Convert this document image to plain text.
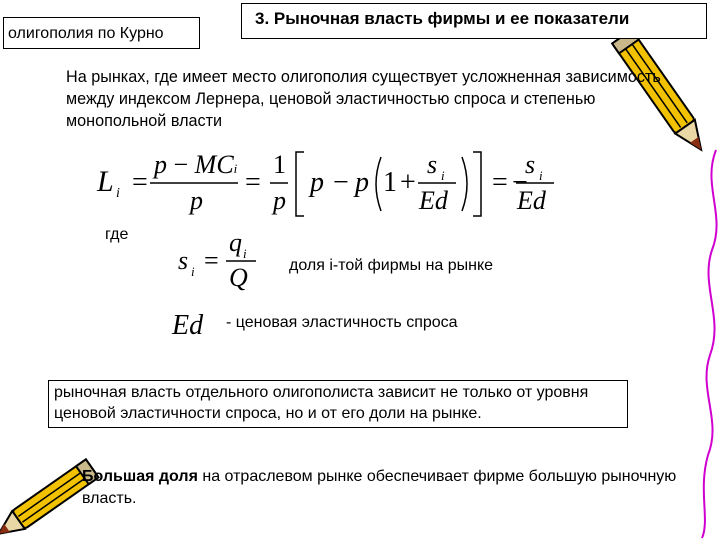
олигополия по Курно
3. Рыночная власть фирмы и ее показатели
На рынках, где имеет место олигополия существует усложненная зависимость между индексом Лернера, ценовой эластичностью спроса и степенью монопольной власти
L i =
p − MCi
p
=
1
p
p − p 1 +
s i
Ed
= −
s i
Ed
где
s i =
q i
Q	доля i-той фирмы на рынке
Ed - ценовая эластичность спроса
рыночная власть отдельного олигополиста зависит не только от уровня ценовой эластичности спроса, но и от его доли на рынке.
Большая доля на отраслевом рынке обеспечивает фирме большую рыночную власть.
